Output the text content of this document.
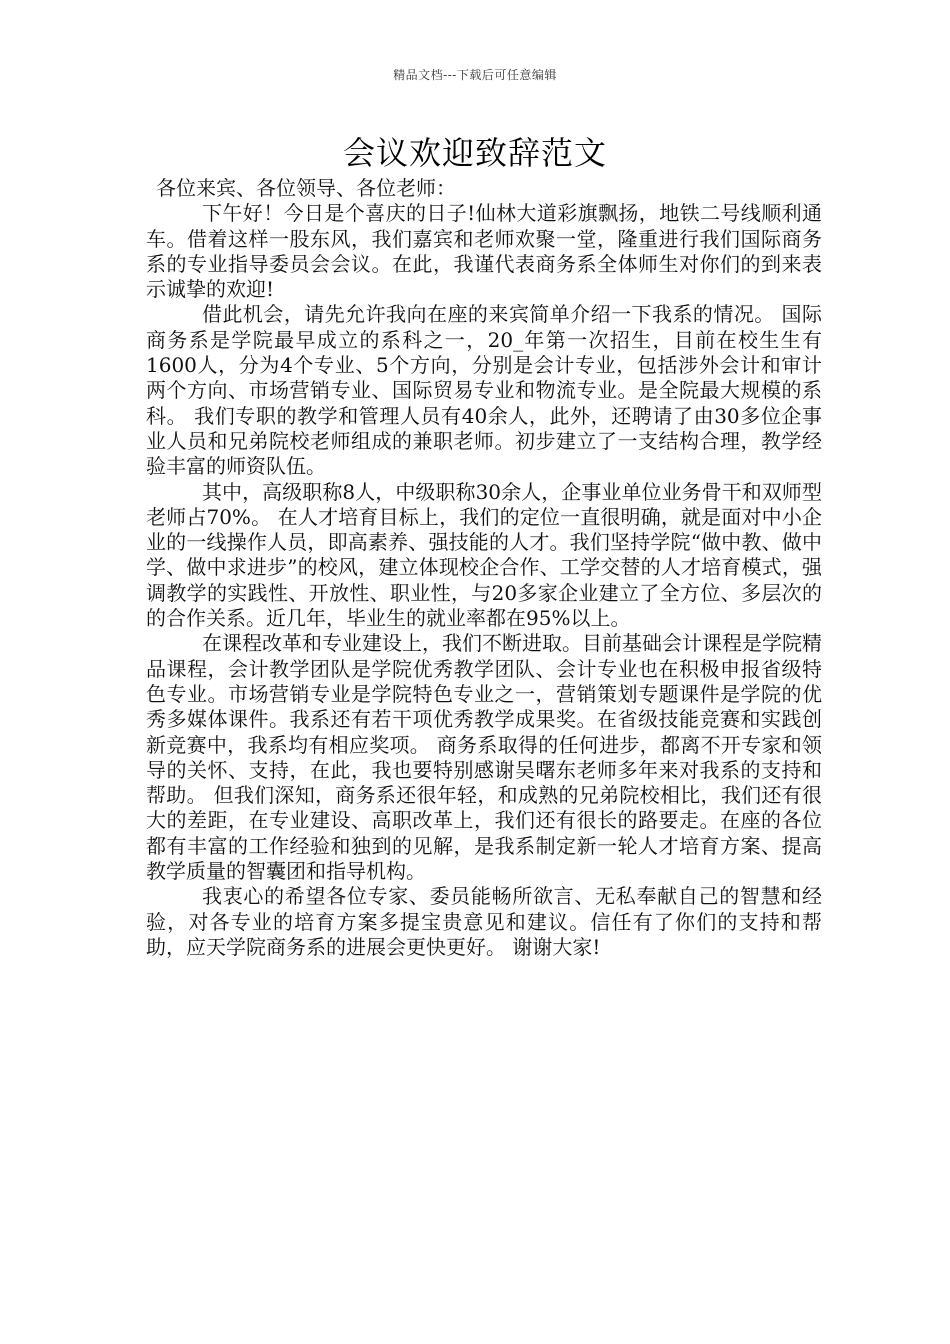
精品文档---下载后可任意编辑
会议欢迎致辞范文

各位来宾、各位领导、各位老师：

下午好！今日是个喜庆的日子!仙林大道彩旗飘扬，地铁二号线顺利通车。借着这样一股东风，我们嘉宾和老师欢聚一堂，隆重进行我们国际商务系的专业指导委员会会议。在此，我谨代表商务系全体师生对你们的到来表示诚挚的欢迎!

借此机会，请先允许我向在座的来宾简单介绍一下我系的情况。 国际商务系是学院最早成立的系科之一，20_年第一次招生，目前在校生生有1600人，分为4个专业、5个方向，分别是会计专业，包括涉外会计和审计两个方向、市场营销专业、国际贸易专业和物流专业。是全院最大规模的系科。 我们专职的教学和管理人员有40余人，此外，还聘请了由30多位企事业人员和兄弟院校老师组成的兼职老师。初步建立了一支结构合理，教学经验丰富的师资队伍。

其中，高级职称8人，中级职称30余人，企事业单位业务骨干和双师型老师占70%。 在人才培育目标上，我们的定位一直很明确，就是面对中小企业的一线操作人员，即高素养、强技能的人才。我们坚持学院“做中教、做中学、做中求进步”的校风，建立体现校企合作、工学交替的人才培育模式，强调教学的实践性、开放性、职业性，与20多家企业建立了全方位、多层次的的合作关系。近几年，毕业生的就业率都在95%以上。

在课程改革和专业建设上，我们不断进取。目前基础会计课程是学院精品课程，会计教学团队是学院优秀教学团队、会计专业也在积极申报省级特色专业。市场营销专业是学院特色专业之一，营销策划专题课件是学院的优秀多媒体课件。我系还有若干项优秀教学成果奖。在省级技能竞赛和实践创新竞赛中，我系均有相应奖项。 商务系取得的任何进步，都离不开专家和领导的关怀、支持，在此，我也要特别感谢吴曙东老师多年来对我系的支持和帮助。 但我们深知，商务系还很年轻，和成熟的兄弟院校相比，我们还有很大的差距，在专业建设、高职改革上，我们还有很长的路要走。在座的各位都有丰富的工作经验和独到的见解，是我系制定新一轮人才培育方案、提高教学质量的智囊团和指导机构。

我衷心的希望各位专家、委员能畅所欲言、无私奉献自己的智慧和经验，对各专业的培育方案多提宝贵意见和建议。信任有了你们的支持和帮助，应天学院商务系的进展会更快更好。 谢谢大家!
